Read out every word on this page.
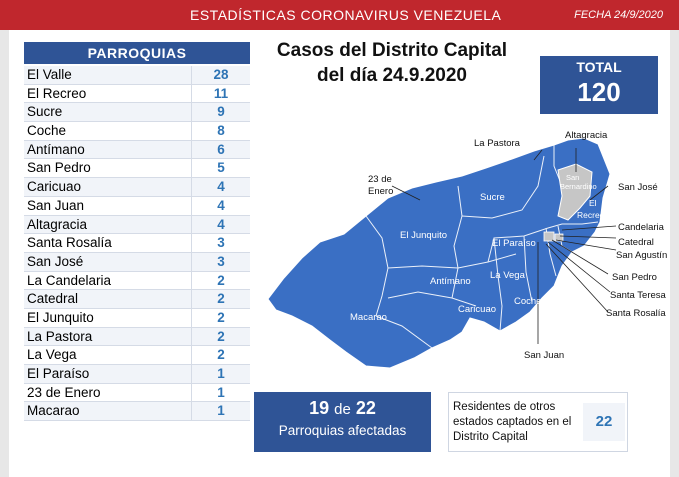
ESTADÍSTICAS CORONAVIRUS VENEZUELA	FECHA 24/9/2020
PARROQUIAS
El Valle	28
El Recreo	11
Sucre	9
Coche	8
Antímano	6
San Pedro	5
Caricuao	4
San Juan	4
Altagracia	4
Santa Rosalía	3
San José	3
La Candelaria	2
Catedral	2
El Junquito	2
La Pastora	2
La Vega	2
El Paraíso	1
23 de Enero	1
Macarao	1
Casos del Distrito Capital
del día 24.9.2020	TOTAL
120
La Pastora
Altagracia
23 de
Enero	San José
Sucre
San
Bernardino
El
Recreo
El Junquito
Candelaria
Catedral
San Agustín
El Paraíso
San Pedro
La Vega
Antímano
Santa Teresa
Santa Rosalía
Caricuao
Coche El Valle
Macarao
San Juan
19 de 22
Parroquias afectadas
Residentes de otros estados captados en el Distrito Capital
22
